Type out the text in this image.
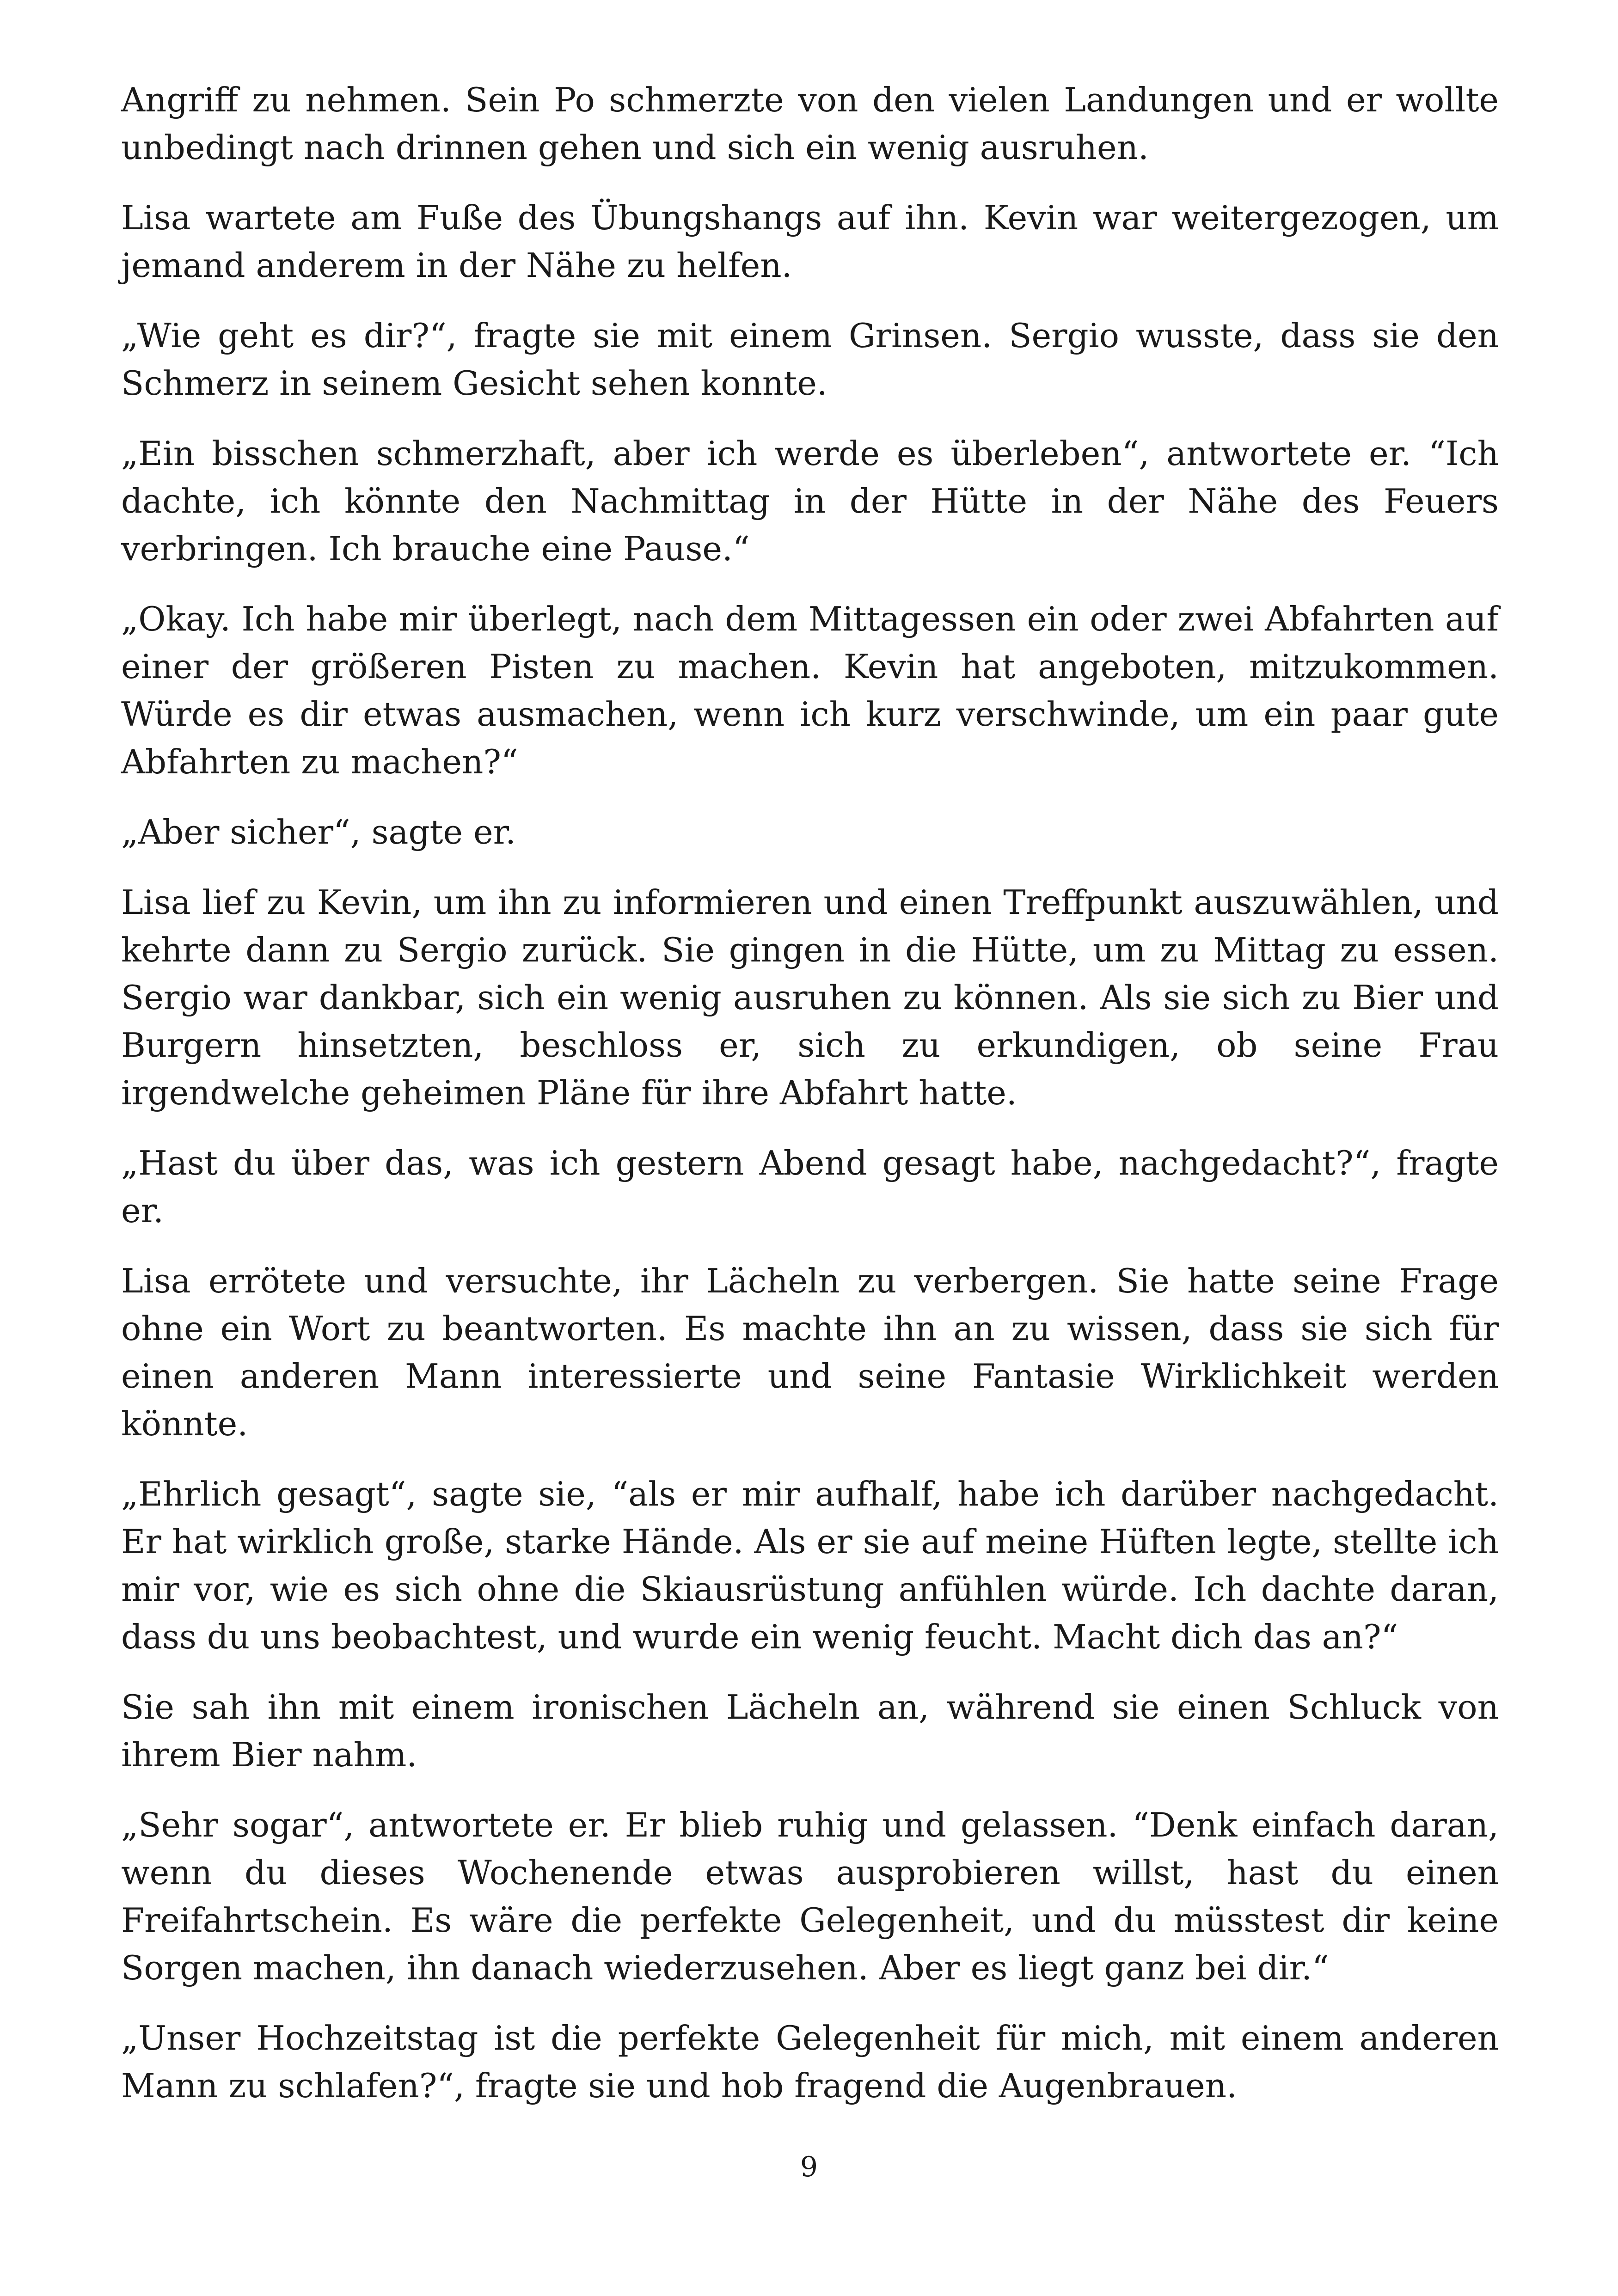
Angriff zu nehmen. Sein Po schmerzte von den vielen Landungen und er wollte unbedingt nach drinnen gehen und sich ein wenig ausruhen.

Lisa wartete am Fuße des Übungshangs auf ihn. Kevin war weitergezogen, um jemand anderem in der Nähe zu helfen.

„Wie geht es dir?“, fragte sie mit einem Grinsen. Sergio wusste, dass sie den Schmerz in seinem Gesicht sehen konnte.

„Ein bisschen schmerzhaft, aber ich werde es überleben“, antwortete er. “Ich dachte, ich könnte den Nachmittag in der Hütte in der Nähe des Feuers verbringen. Ich brauche eine Pause.“

„Okay. Ich habe mir überlegt, nach dem Mittagessen ein oder zwei Abfahrten auf einer der größeren Pisten zu machen. Kevin hat angeboten, mitzukommen. Würde es dir etwas ausmachen, wenn ich kurz verschwinde, um ein paar gute Abfahrten zu machen?“

„Aber sicher“, sagte er.

Lisa lief zu Kevin, um ihn zu informieren und einen Treffpunkt auszuwählen, und kehrte dann zu Sergio zurück. Sie gingen in die Hütte, um zu Mittag zu essen. Sergio war dankbar, sich ein wenig ausruhen zu können. Als sie sich zu Bier und Burgern hinsetzten, beschloss er, sich zu erkundigen, ob seine Frau irgendwelche geheimen Pläne für ihre Abfahrt hatte.

„Hast du über das, was ich gestern Abend gesagt habe, nachgedacht?“, fragte er.

Lisa errötete und versuchte, ihr Lächeln zu verbergen. Sie hatte seine Frage ohne ein Wort zu beantworten. Es machte ihn an zu wissen, dass sie sich für einen anderen Mann interessierte und seine Fantasie Wirklichkeit werden könnte.

„Ehrlich gesagt“, sagte sie, “als er mir aufhalf, habe ich darüber nachgedacht. Er hat wirklich große, starke Hände. Als er sie auf meine Hüften legte, stellte ich mir vor, wie es sich ohne die Skiausrüstung anfühlen würde. Ich dachte daran, dass du uns beobachtest, und wurde ein wenig feucht. Macht dich das an?“

Sie sah ihn mit einem ironischen Lächeln an, während sie einen Schluck von ihrem Bier nahm.

„Sehr sogar“, antwortete er. Er blieb ruhig und gelassen. “Denk einfach daran, wenn du dieses Wochenende etwas ausprobieren willst, hast du einen Freifahrtschein. Es wäre die perfekte Gelegenheit, und du müsstest dir keine Sorgen machen, ihn danach wiederzusehen. Aber es liegt ganz bei dir.“

„Unser Hochzeitstag ist die perfekte Gelegenheit für mich, mit einem anderen Mann zu schlafen?“, fragte sie und hob fragend die Augenbrauen.

9
